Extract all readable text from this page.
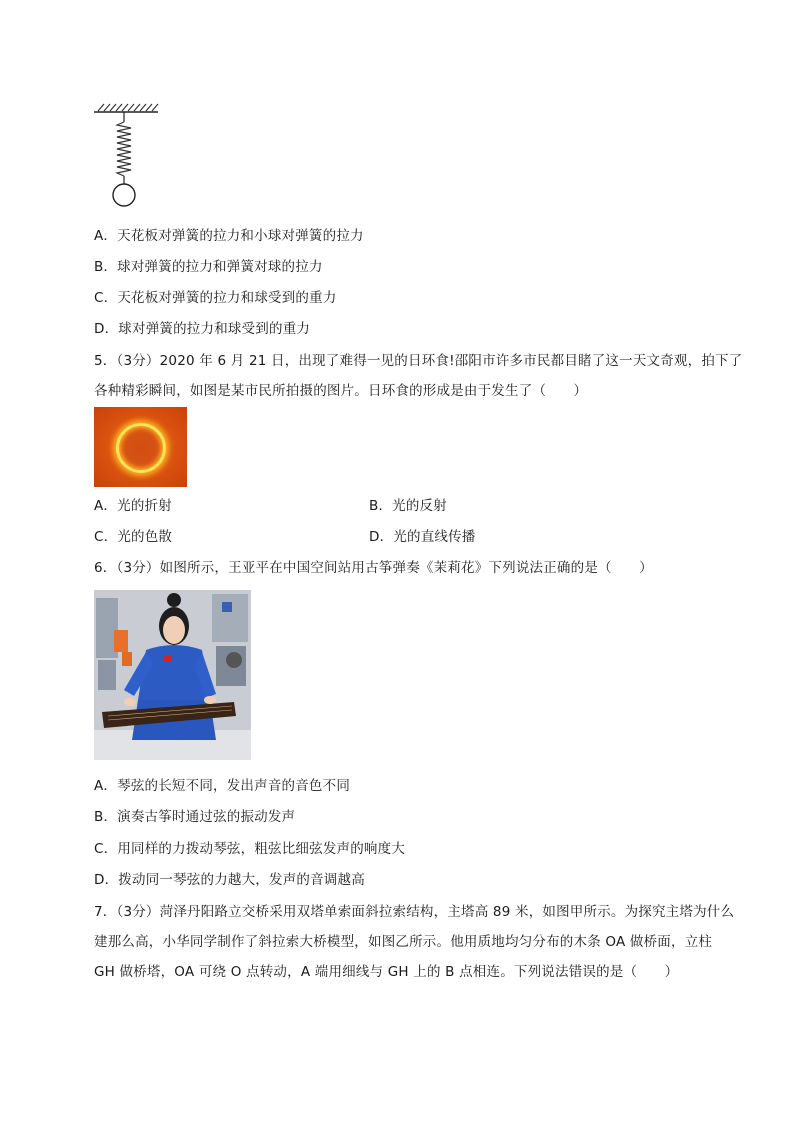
A．天花板对弹簧的拉力和小球对弹簧的拉力
B．球对弹簧的拉力和弹簧对球的拉力
C．天花板对弹簧的拉力和球受到的重力
D．球对弹簧的拉力和球受到的重力
5．（3分）2020 年 6 月 21 日，出现了难得一见的日环食!邵阳市许多市民都目睹了这一天文奇观，拍下了
各种精彩瞬间，如图是某市民所拍摄的图片。日环食的形成是由于发生了（　　）
A．光的折射	B．光的反射
C．光的色散	D．光的直线传播
6．（3分）如图所示，王亚平在中国空间站用古筝弹奏《茉莉花》下列说法正确的是（　　）
A．琴弦的长短不同，发出声音的音色不同
B．演奏古筝时通过弦的振动发声
C．用同样的力拨动琴弦，粗弦比细弦发声的响度大
D．拨动同一琴弦的力越大，发声的音调越高
7．（3分）菏泽丹阳路立交桥采用双塔单索面斜拉索结构，主塔高 89 米，如图甲所示。为探究主塔为什么
建那么高，小华同学制作了斜拉索大桥模型，如图乙所示。他用质地均匀分布的木条 OA 做桥面，立柱
GH 做桥塔，OA 可绕 O 点转动，A 端用细线与 GH 上的 B 点相连。下列说法错误的是（　　）
